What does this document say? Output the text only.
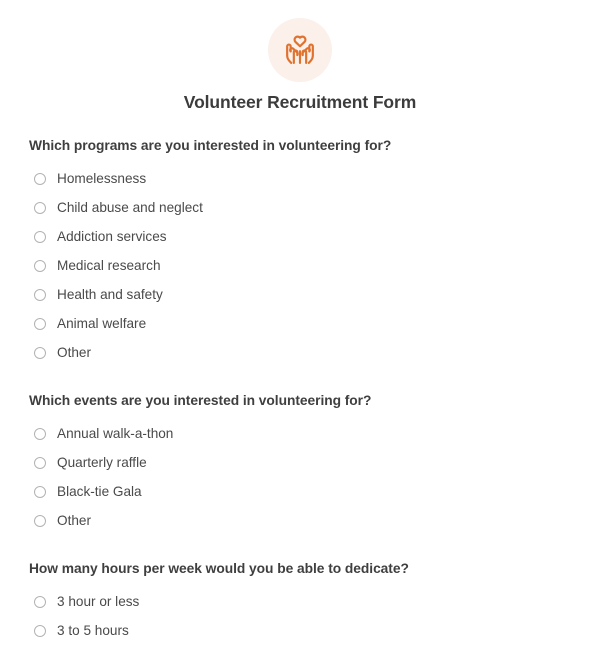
Volunteer Recruitment Form
Which programs are you interested in volunteering for?
Homelessness
Child abuse and neglect
Addiction services
Medical research
Health and safety
Animal welfare
Other
Which events are you interested in volunteering for?
Annual walk-a-thon
Quarterly raffle
Black-tie Gala
Other
How many hours per week would you be able to dedicate?
3 hour or less
3 to 5 hours
